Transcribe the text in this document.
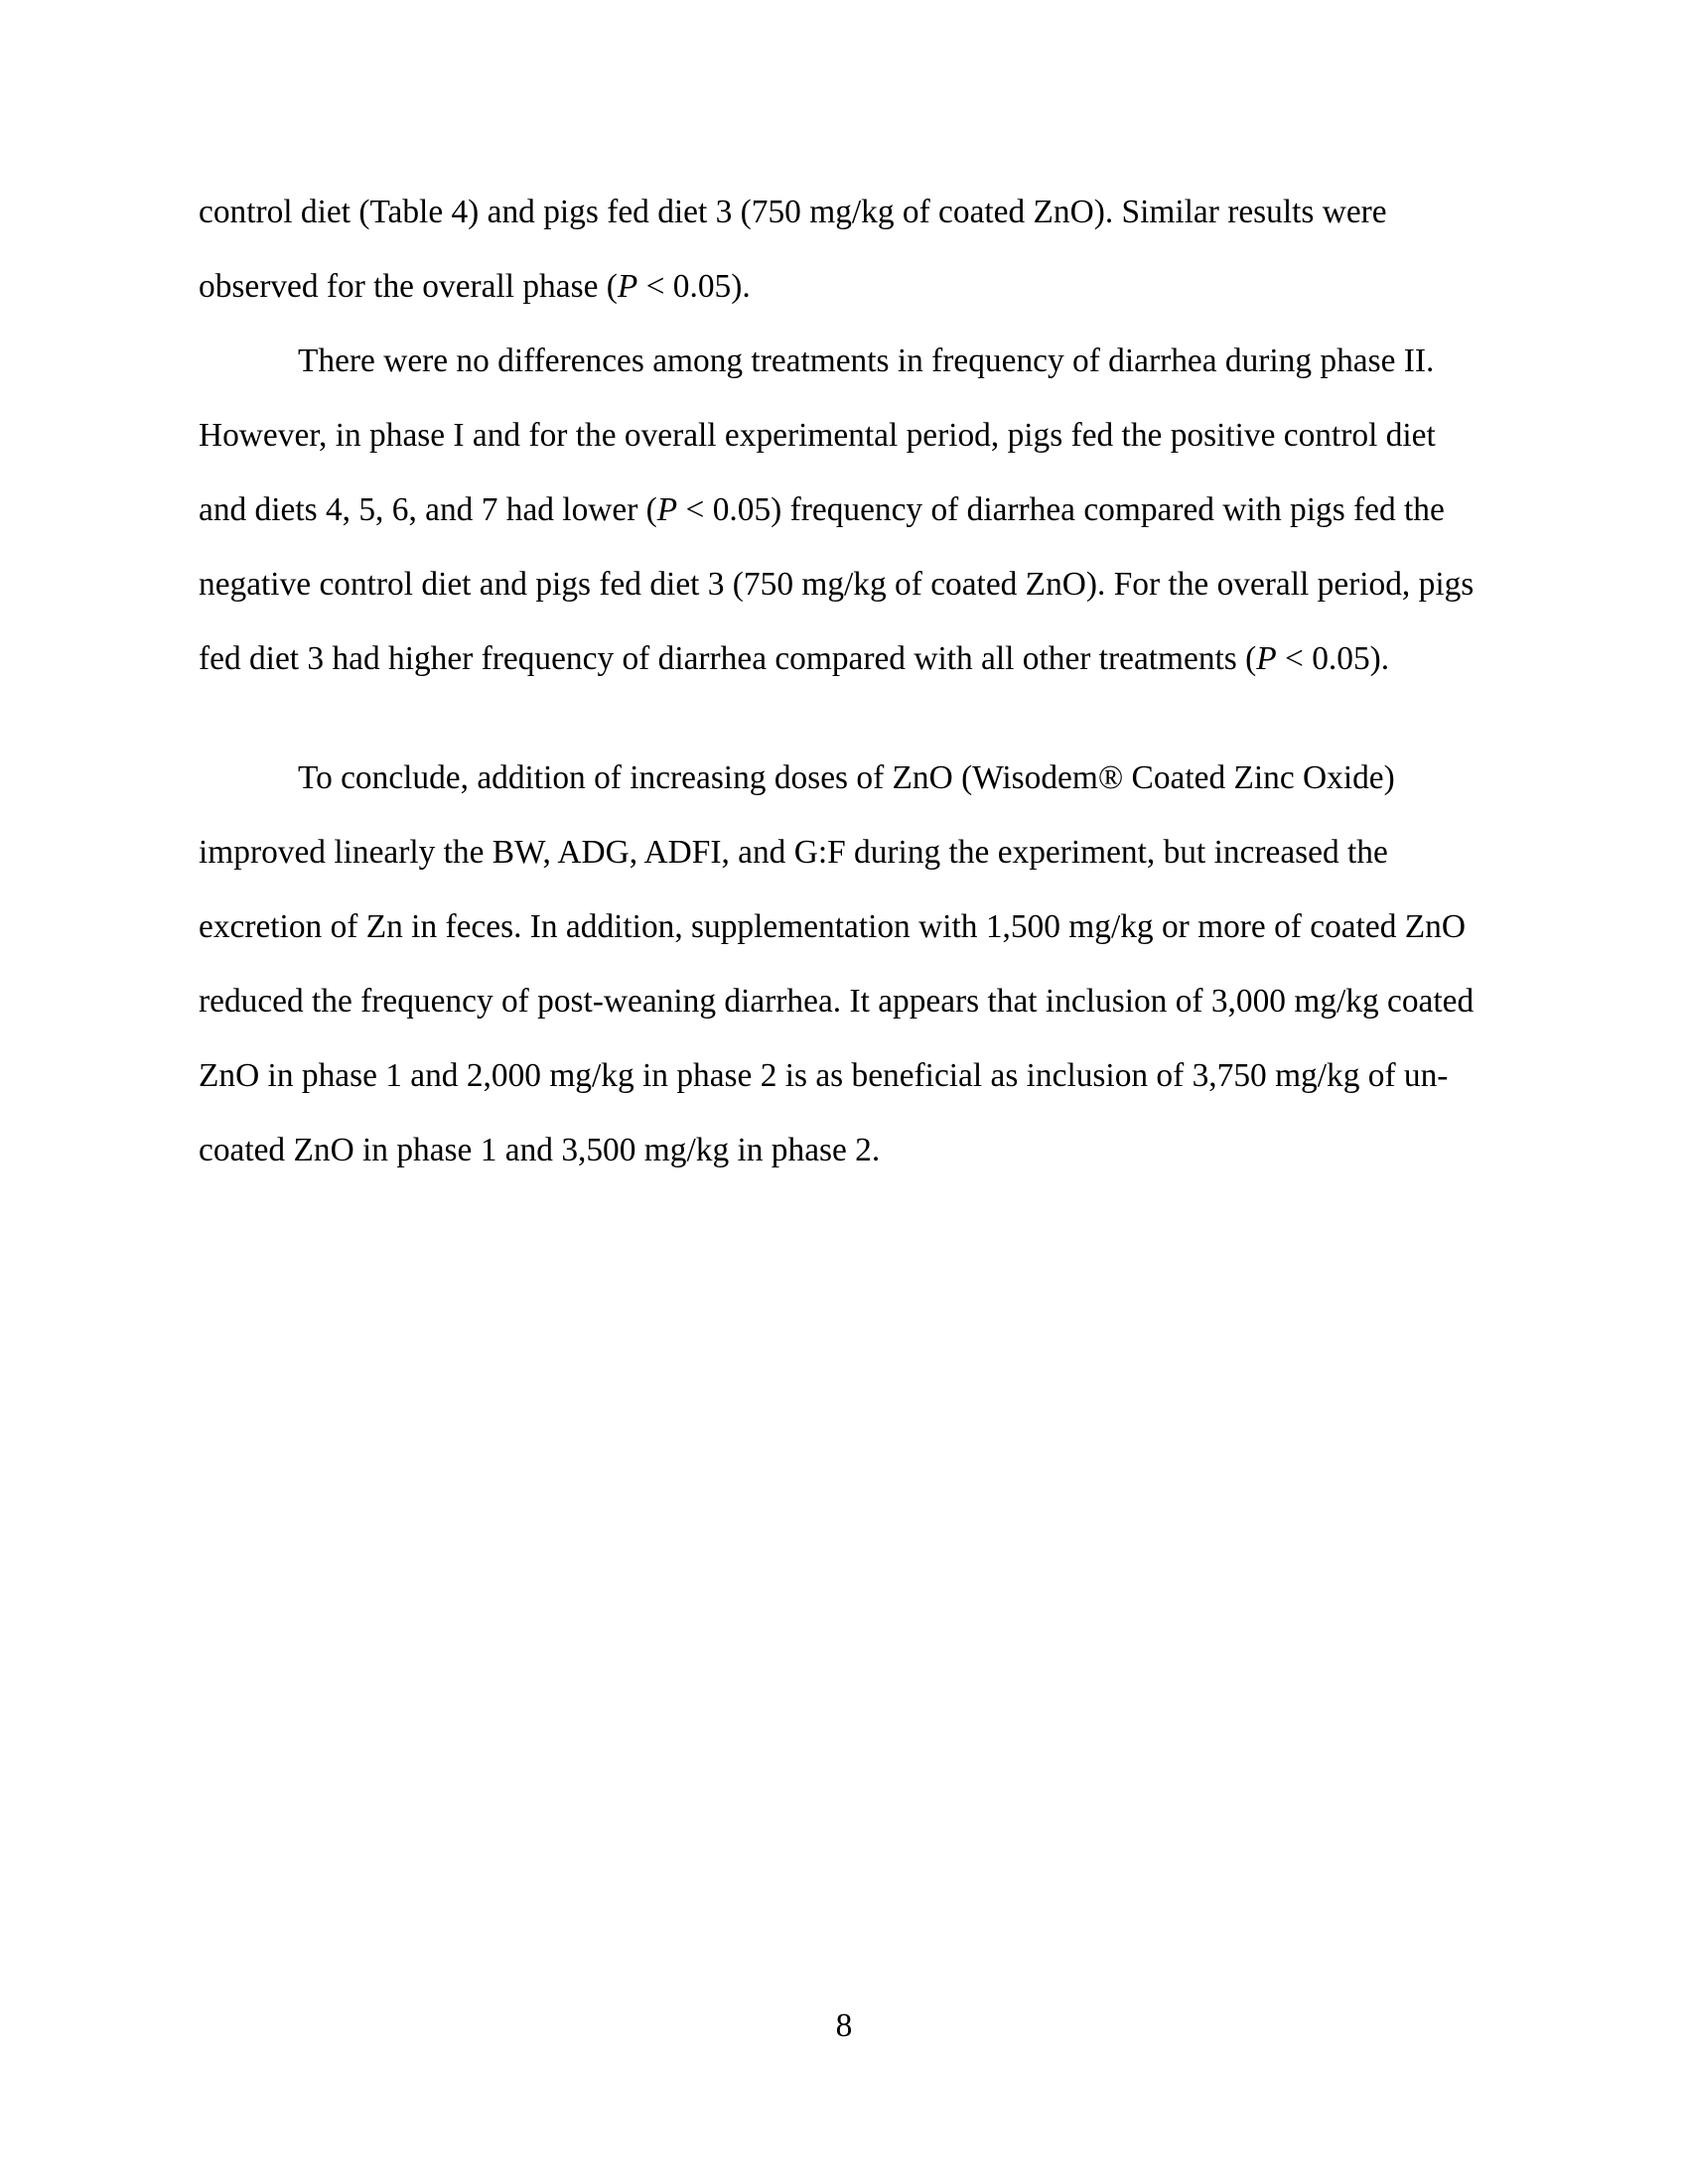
control diet (Table 4) and pigs fed diet 3 (750 mg/kg of coated ZnO). Similar results were
observed for the overall phase (P < 0.05).
There were no differences among treatments in frequency of diarrhea during phase II.
However, in phase I and for the overall experimental period, pigs fed the positive control diet
and diets 4, 5, 6, and 7 had lower (P < 0.05) frequency of diarrhea compared with pigs fed the
negative control diet and pigs fed diet 3 (750 mg/kg of coated ZnO). For the overall period, pigs
fed diet 3 had higher frequency of diarrhea compared with all other treatments (P < 0.05).
To conclude, addition of increasing doses of ZnO (Wisodem® Coated Zinc Oxide)
improved linearly the BW, ADG, ADFI, and G:F during the experiment, but increased the
excretion of Zn in feces. In addition, supplementation with 1,500 mg/kg or more of coated ZnO
reduced the frequency of post-weaning diarrhea. It appears that inclusion of 3,000 mg/kg coated
ZnO in phase 1 and 2,000 mg/kg in phase 2 is as beneficial as inclusion of 3,750 mg/kg of un-
coated ZnO in phase 1 and 3,500 mg/kg in phase 2.
8
